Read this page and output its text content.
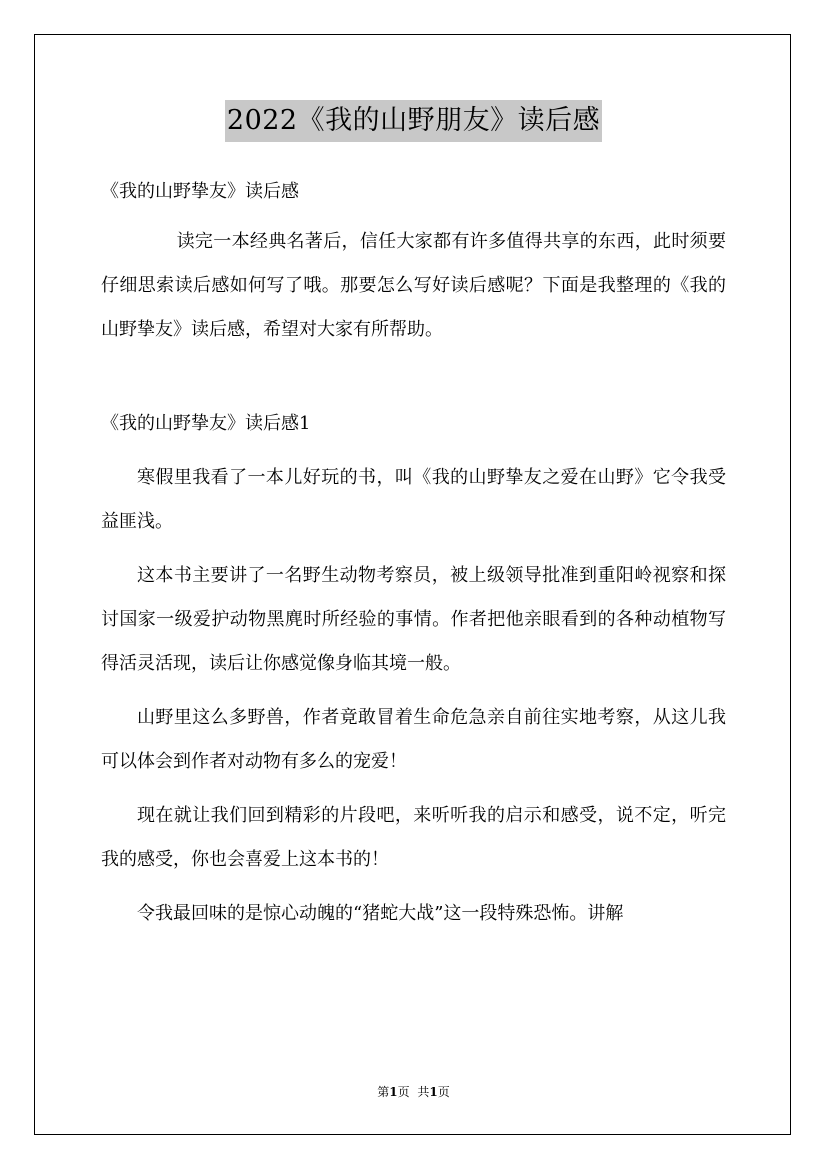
2022《我的山野朋友》读后感

《我的山野挚友》读后感

读完一本经典名著后，信任大家都有许多值得共享的东西，此时须要仔细思索读后感如何写了哦。那要怎么写好读后感呢？下面是我整理的《我的山野挚友》读后感，希望对大家有所帮助。

《我的山野挚友》读后感1

寒假里我看了一本儿好玩的书，叫《我的山野挚友之爱在山野》它令我受益匪浅。

这本书主要讲了一名野生动物考察员，被上级领导批准到重阳岭视察和探讨国家一级爱护动物黑麂时所经验的事情。作者把他亲眼看到的各种动植物写得活灵活现，读后让你感觉像身临其境一般。

山野里这么多野兽，作者竟敢冒着生命危急亲自前往实地考察，从这儿我可以体会到作者对动物有多么的宠爱！

现在就让我们回到精彩的片段吧，来听听我的启示和感受，说不定，听完我的感受，你也会喜爱上这本书的！

令我最回味的是惊心动魄的“猪蛇大战”这一段特殊恐怖。讲解

第1页 共1页
